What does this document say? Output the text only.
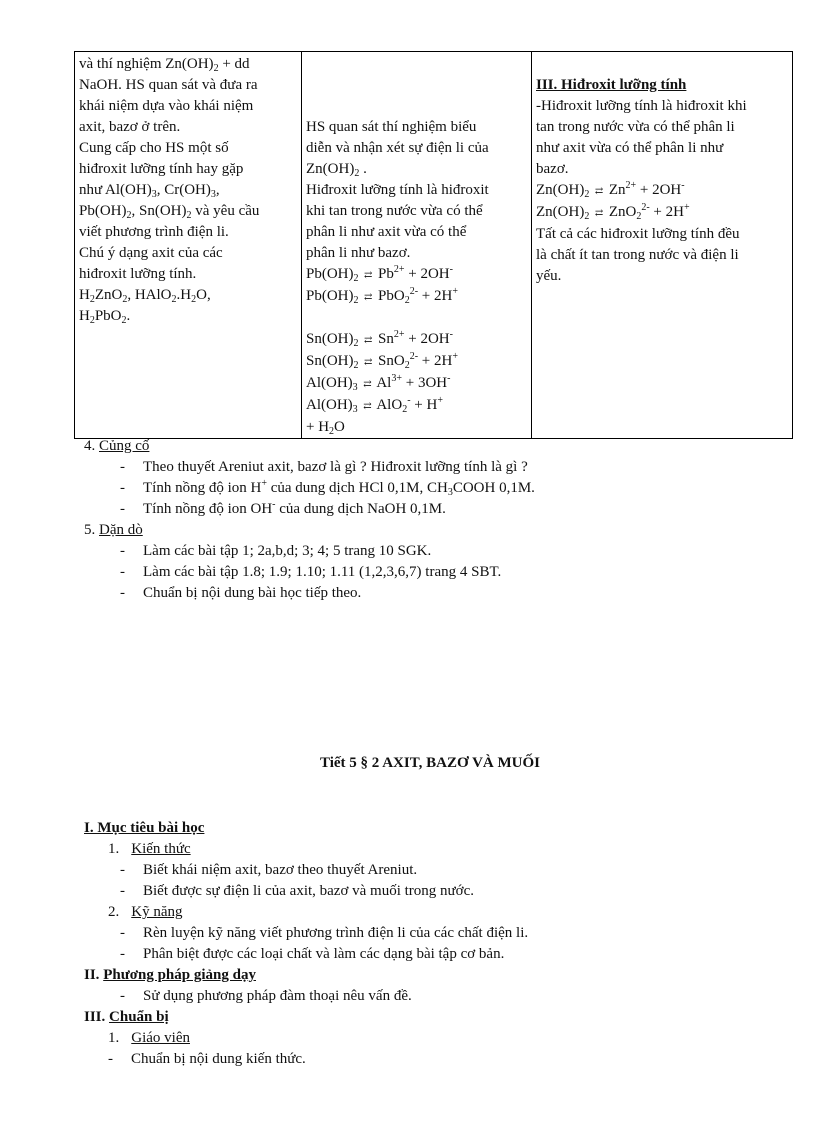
và thí nghiệm $Zn(OH)_2$ + dd
NaOH. HS quan sát và đưa ra
khái niệm dựa vào khái niệm
axit, bazơ ở trên.
Cung cấp cho HS một số
hiđroxit lưỡng tính hay gặp
như $Al(OH)_3$, $Cr(OH)_3$,
$Pb(OH)_2$, $Sn(OH)_2$ và yêu cầu
viết phương trình điện li.
Chú ý dạng axit của các
hiđroxit lưỡng tính.
$H_2ZnO_2$, $HAlO_2.H_2O$,
$H_2PbO_2$.

HS quan sát thí nghiệm biểu
diễn và nhận xét sự điện li của
$Zn(OH)_2$ .
Hiđroxit lưỡng tính là hiđroxit
khi tan trong nước vừa có thể
phân li như axit vừa có thể
phân li như bazơ.
$Pb(OH)_2$ ⇄ $Pb^{2+} + 2OH^-$
$Pb(OH)_2$ ⇄ PbO$_2^{2-}$ + 2H+
$Sn(OH)_2$ ⇄ $Sn^{2+} + 2OH^-$
$Sn(OH)_2$ ⇄ SnO$_2^{2-}$ + 2H+
$Al(OH)_3$ ⇄ $Al^{3+} + 3OH^-$
$Al(OH)_3$ ⇄ AlO$_2$- + H+
+ $H_2O$

III. Hiđroxit lưỡng tính
-Hiđroxit lưỡng tính là hiđroxit khi
tan trong nước vừa có thể phân li
như axit vừa có thể phân li như
bazơ.
$Zn(OH)_2$ ⇄ $Zn^{2+} + 2OH^-$
$Zn(OH)_2$ ⇄ ZnO$_2^{2-}$ + 2H+
Tất cả các hiđroxit lưỡng tính đều
là chất ít tan trong nước và điện li
yếu.
4. Củng cố
- Theo thuyết Areniut axit, bazơ là gì ? Hiđroxit lưỡng tính là gì ?
- Tính nồng độ ion H+ của dung dịch HCl 0,1M, $CH_3COOH$ 0,1M.
- Tính nồng độ ion OH- của dung dịch NaOH 0,1M.
5. Dặn dò
- Làm các bài tập 1; 2a,b,d; 3; 4; 5 trang 10 SGK.
- Làm các bài tập 1.8; 1.9; 1.10; 1.11 (1,2,3,6,7) trang 4 SBT.
- Chuẩn bị nội dung bài học tiếp theo.
Tiết 5 § 2 AXIT, BAZƠ VÀ MUỐI
I. Mục tiêu bài học
1. Kiến thức
- Biết khái niệm axit, bazơ theo thuyết Areniut.
- Biết được sự điện li của axit, bazơ và muối trong nước.
2. Kỹ năng
- Rèn luyện kỹ năng viết phương trình điện li của các chất điện li.
- Phân biệt được các loại chất và làm các dạng bài tập cơ bản.
II. Phương pháp giảng dạy
- Sử dụng phương pháp đàm thoại nêu vấn đề.
III. Chuẩn bị
1. Giáo viên
- Chuẩn bị nội dung kiến thức.
